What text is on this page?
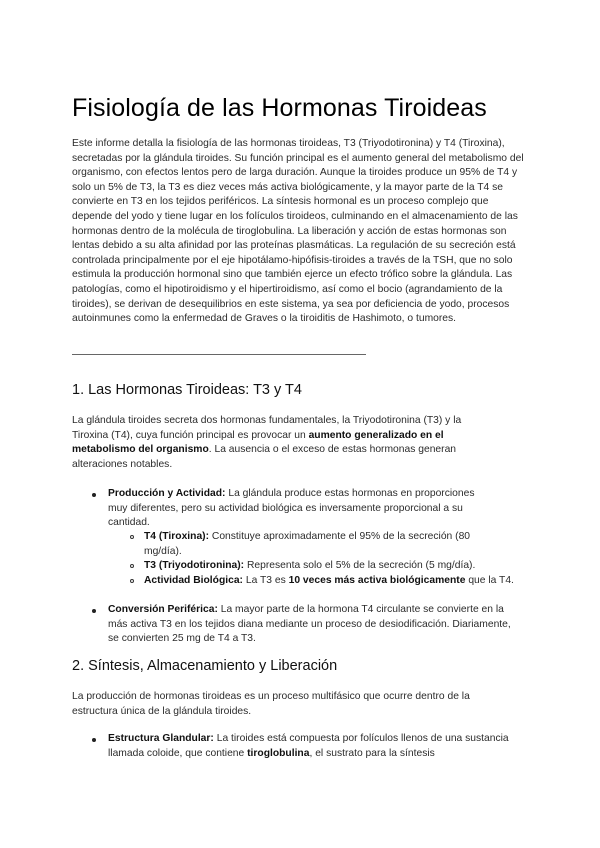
Fisiología de las Hormonas Tiroideas

Este informe detalla la fisiología de las hormonas tiroideas, T3 (Triyodotironina) y T4 (Tiroxina), secretadas por la glándula tiroides. Su función principal es el aumento general del metabolismo del organismo, con efectos lentos pero de larga duración. Aunque la tiroides produce un 95% de T4 y solo un 5% de T3, la T3 es diez veces más activa biológicamente, y la mayor parte de la T4 se convierte en T3 en los tejidos periféricos. La síntesis hormonal es un proceso complejo que depende del yodo y tiene lugar en los folículos tiroideos, culminando en el almacenamiento de las hormonas dentro de la molécula de tiroglobulina. La liberación y acción de estas hormonas son lentas debido a su alta afinidad por las proteínas plasmáticas. La regulación de su secreción está controlada principalmente por el eje hipotálamo-hipófisis-tiroides a través de la TSH, que no solo estimula la producción hormonal sino que también ejerce un efecto trófico sobre la glándula. Las patologías, como el hipotiroidismo y el hipertiroidismo, así como el bocio (agrandamiento de la tiroides), se derivan de desequilibrios en este sistema, ya sea por deficiencia de yodo, procesos autoinmunes como la enfermedad de Graves o la tiroiditis de Hashimoto, o tumores.

1. Las Hormonas Tiroideas: T3 y T4

La glándula tiroides secreta dos hormonas fundamentales, la Triyodotironina (T3) y la Tiroxina (T4), cuya función principal es provocar un aumento generalizado en el metabolismo del organismo. La ausencia o el exceso de estas hormonas generan alteraciones notables.

Producción y Actividad: La glándula produce estas hormonas en proporciones muy diferentes, pero su actividad biológica es inversamente proporcional a su cantidad.
T4 (Tiroxina): Constituye aproximadamente el 95% de la secreción (80 mg/día).
T3 (Triyodotironina): Representa solo el 5% de la secreción (5 mg/día).
Actividad Biológica: La T3 es 10 veces más activa biológicamente que la T4.
Conversión Periférica: La mayor parte de la hormona T4 circulante se convierte en la más activa T3 en los tejidos diana mediante un proceso de desiodificación. Diariamente, se convierten 25 mg de T4 a T3.
2. Síntesis, Almacenamiento y Liberación

La producción de hormonas tiroideas es un proceso multifásico que ocurre dentro de la estructura única de la glándula tiroides.

Estructura Glandular: La tiroides está compuesta por folículos llenos de una sustancia llamada coloide, que contiene tiroglobulina, el sustrato para la síntesis
